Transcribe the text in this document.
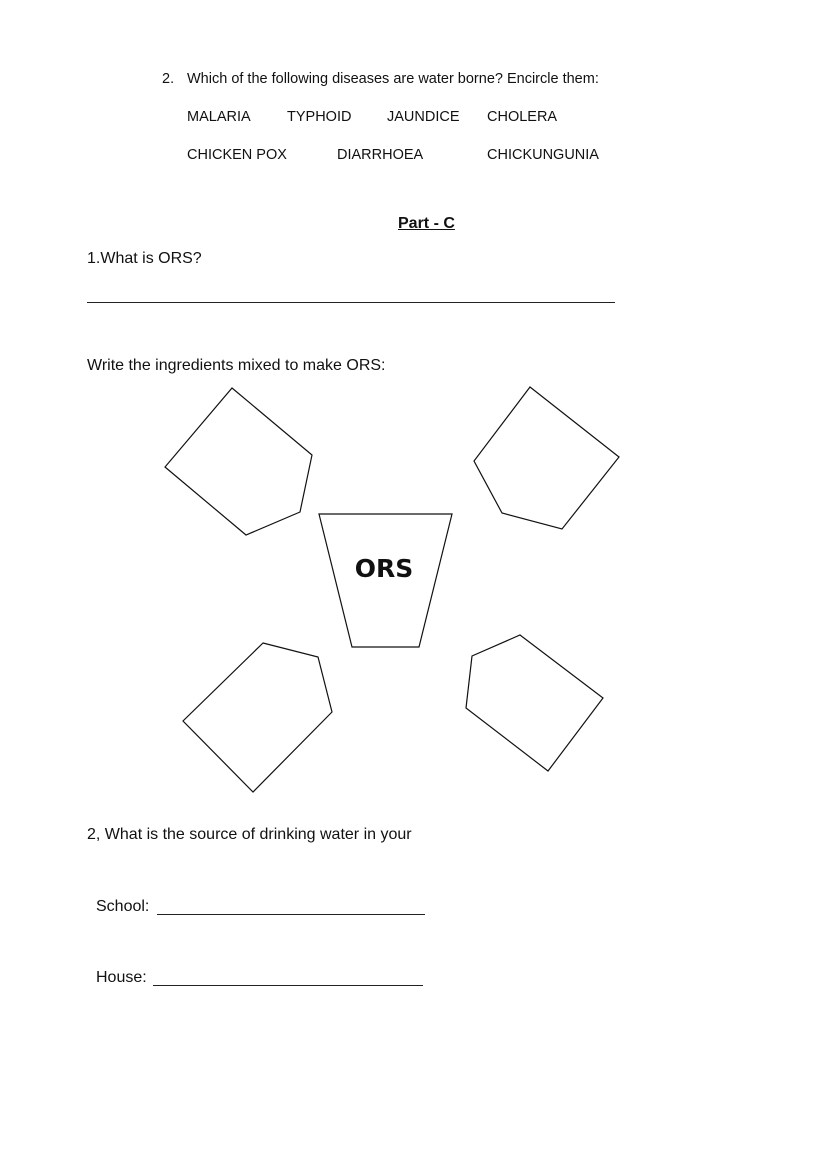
2. Which of the following diseases are water borne? Encircle them:
MALARIA	TYPHOID JAUNDICE CHOLERA
CHICKEN POX	DIARRHOEA	CHICKUNGUNIA
Part - C
1.What is ORS?
Write the ingredients mixed to make ORS:
ORS
2, What is the source of drinking water in your
School:
House:
